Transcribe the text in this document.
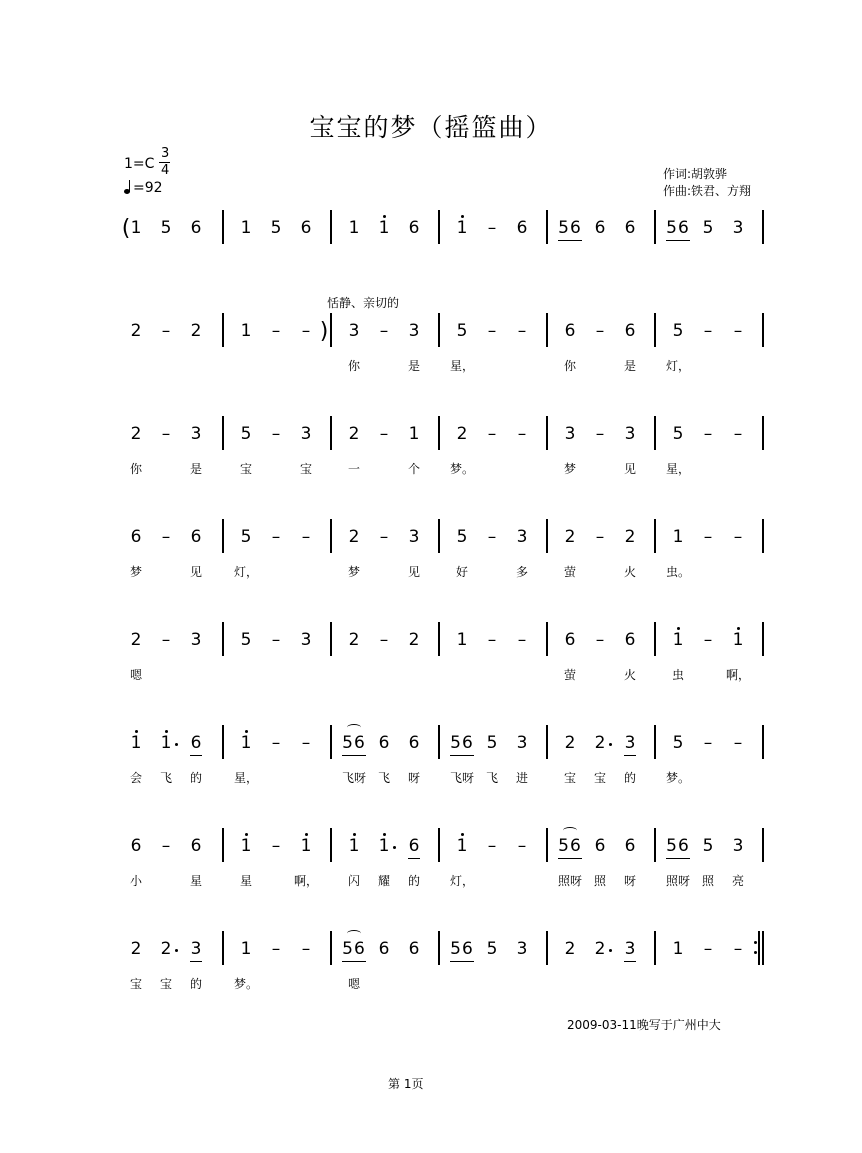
宝宝的梦（摇篮曲）
1=C
3
4
=92
作词:胡敦骅
作曲:铁君、方翔
恬静、亲切的
( 1 5 6 1 5 6 1 1 6 1 – 6 56 6 6 56 5 3
2 – 2 1 – – ) 3 – 3 5 – – 6 – 6 5 – –
你	是 星，	你	是 灯，
2 – 3 5 – 3 2 – 1 2 – – 3 – 3 5 – –
你	是	宝	宝	一	个 梦。	梦	见 星，
6 – 6 5 – – 2 – 3 5 – 3 2 – 2 1 – –
梦	见	灯，	梦	见	好	多	萤	火 虫。
2 – 3 5 – 3 2 – 2 1 – – 6 – 6 1 – 1
嗯	萤	火	虫	啊，
1 1 6 1 – – 56 6 6 56 5 3 2 2 3 5 – –
会 飞 的	星，	飞呀 飞 呀 飞呀 飞 进	宝 宝 的 梦。
6 – 6 1 – 1 1 1 6 1 – – 56 6 6 56 5 3
小	星	星	啊， 闪 耀 的 灯，	照呀 照 呀 照呀 照 亮
2 2 3 1 – – 56 6 6 56 5 3 2 2 3 1 – –
宝 宝 的	梦。	嗯
2009-03-11晚写于广州中大
第 1页
